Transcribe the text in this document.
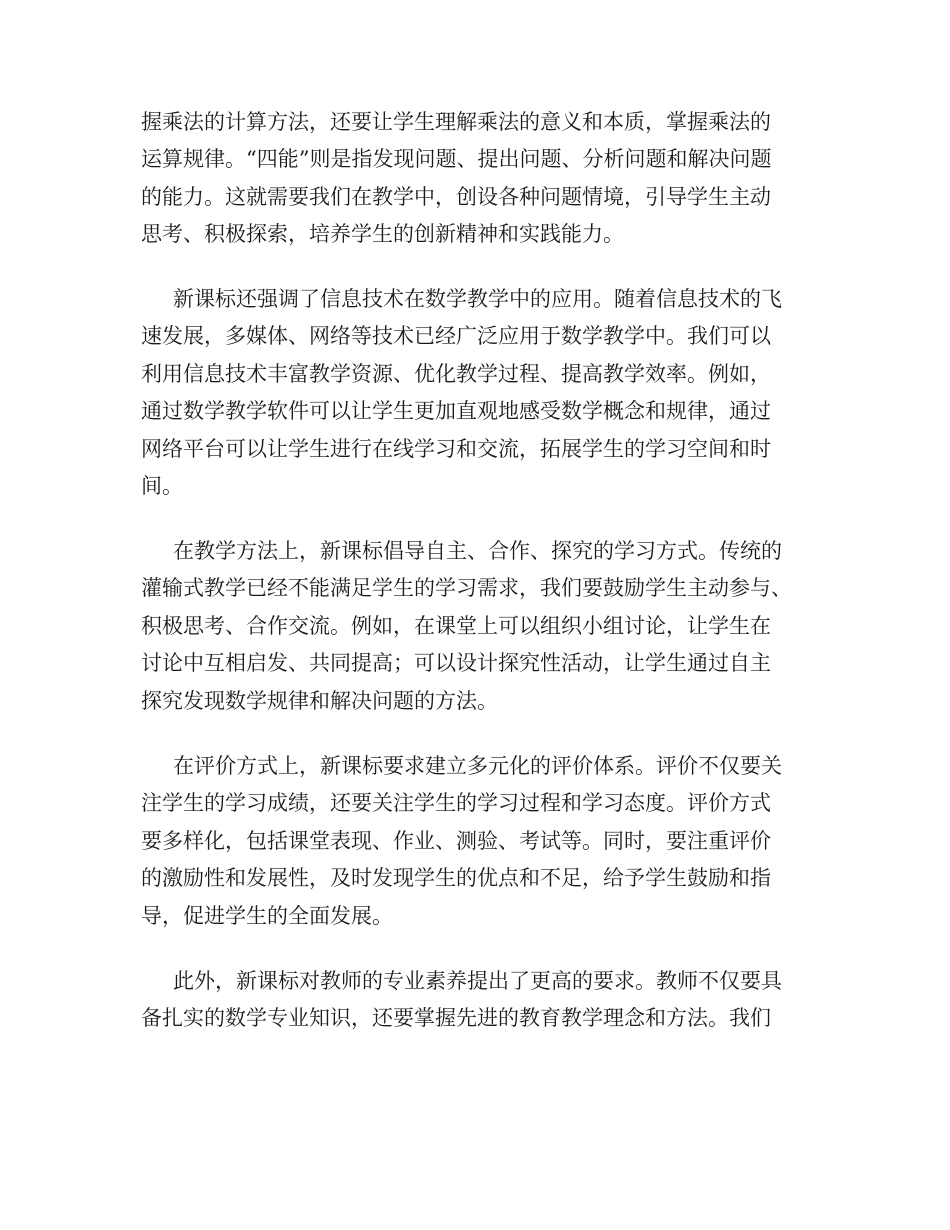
握乘法的计算方法，还要让学生理解乘法的意义和本质，掌握乘法的
运算规律。“四能”则是指发现问题、提出问题、分析问题和解决问题
的能力。这就需要我们在教学中，创设各种问题情境，引导学生主动
思考、积极探索，培养学生的创新精神和实践能力。
新课标还强调了信息技术在数学教学中的应用。随着信息技术的飞
速发展，多媒体、网络等技术已经广泛应用于数学教学中。我们可以
利用信息技术丰富教学资源、优化教学过程、提高教学效率。例如，
通过数学教学软件可以让学生更加直观地感受数学概念和规律，通过
网络平台可以让学生进行在线学习和交流，拓展学生的学习空间和时
间。
在教学方法上，新课标倡导自主、合作、探究的学习方式。传统的
灌输式教学已经不能满足学生的学习需求，我们要鼓励学生主动参与、
积极思考、合作交流。例如，在课堂上可以组织小组讨论，让学生在
讨论中互相启发、共同提高；可以设计探究性活动，让学生通过自主
探究发现数学规律和解决问题的方法。
在评价方式上，新课标要求建立多元化的评价体系。评价不仅要关
注学生的学习成绩，还要关注学生的学习过程和学习态度。评价方式
要多样化，包括课堂表现、作业、测验、考试等。同时，要注重评价
的激励性和发展性，及时发现学生的优点和不足，给予学生鼓励和指
导，促进学生的全面发展。
此外，新课标对教师的专业素养提出了更高的要求。教师不仅要具
备扎实的数学专业知识，还要掌握先进的教育教学理念和方法。我们
